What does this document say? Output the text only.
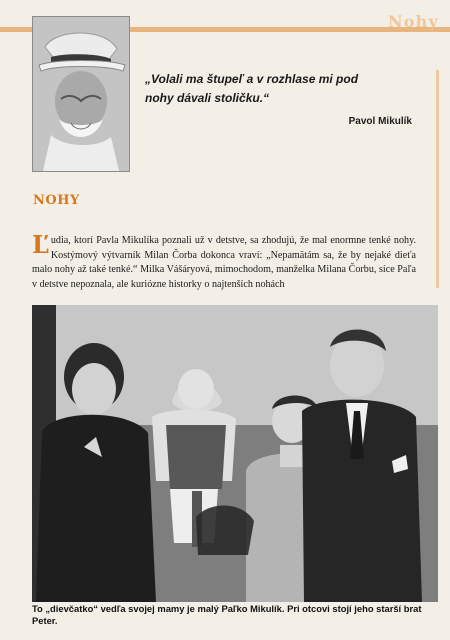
Nohy
„Volali ma štupeľ a v rozhlase mi pod nohy dávali stoličku.“
Pavol Mikulík
NOHY
Ľ udia, ktorí Pavla Mikulíka poznali už v detstve, sa zhodujú, že mal enormne tenké nohy. Kostýmový výtvarník Milan Čorba dokonca vraví: „Nepamätám sa, že by nejaké dieťa malo nohy až také tenké.“ Milka Vášáryová, mimochodom, manželka Milana Čorbu, síce Paľa v detstve nepoznala, ale kuriózne historky o najtenších nohách
To „dievčatko“ vedľa svojej mamy je malý Paľko Mikulík. Pri otcovi stojí jeho starší brat Peter.
